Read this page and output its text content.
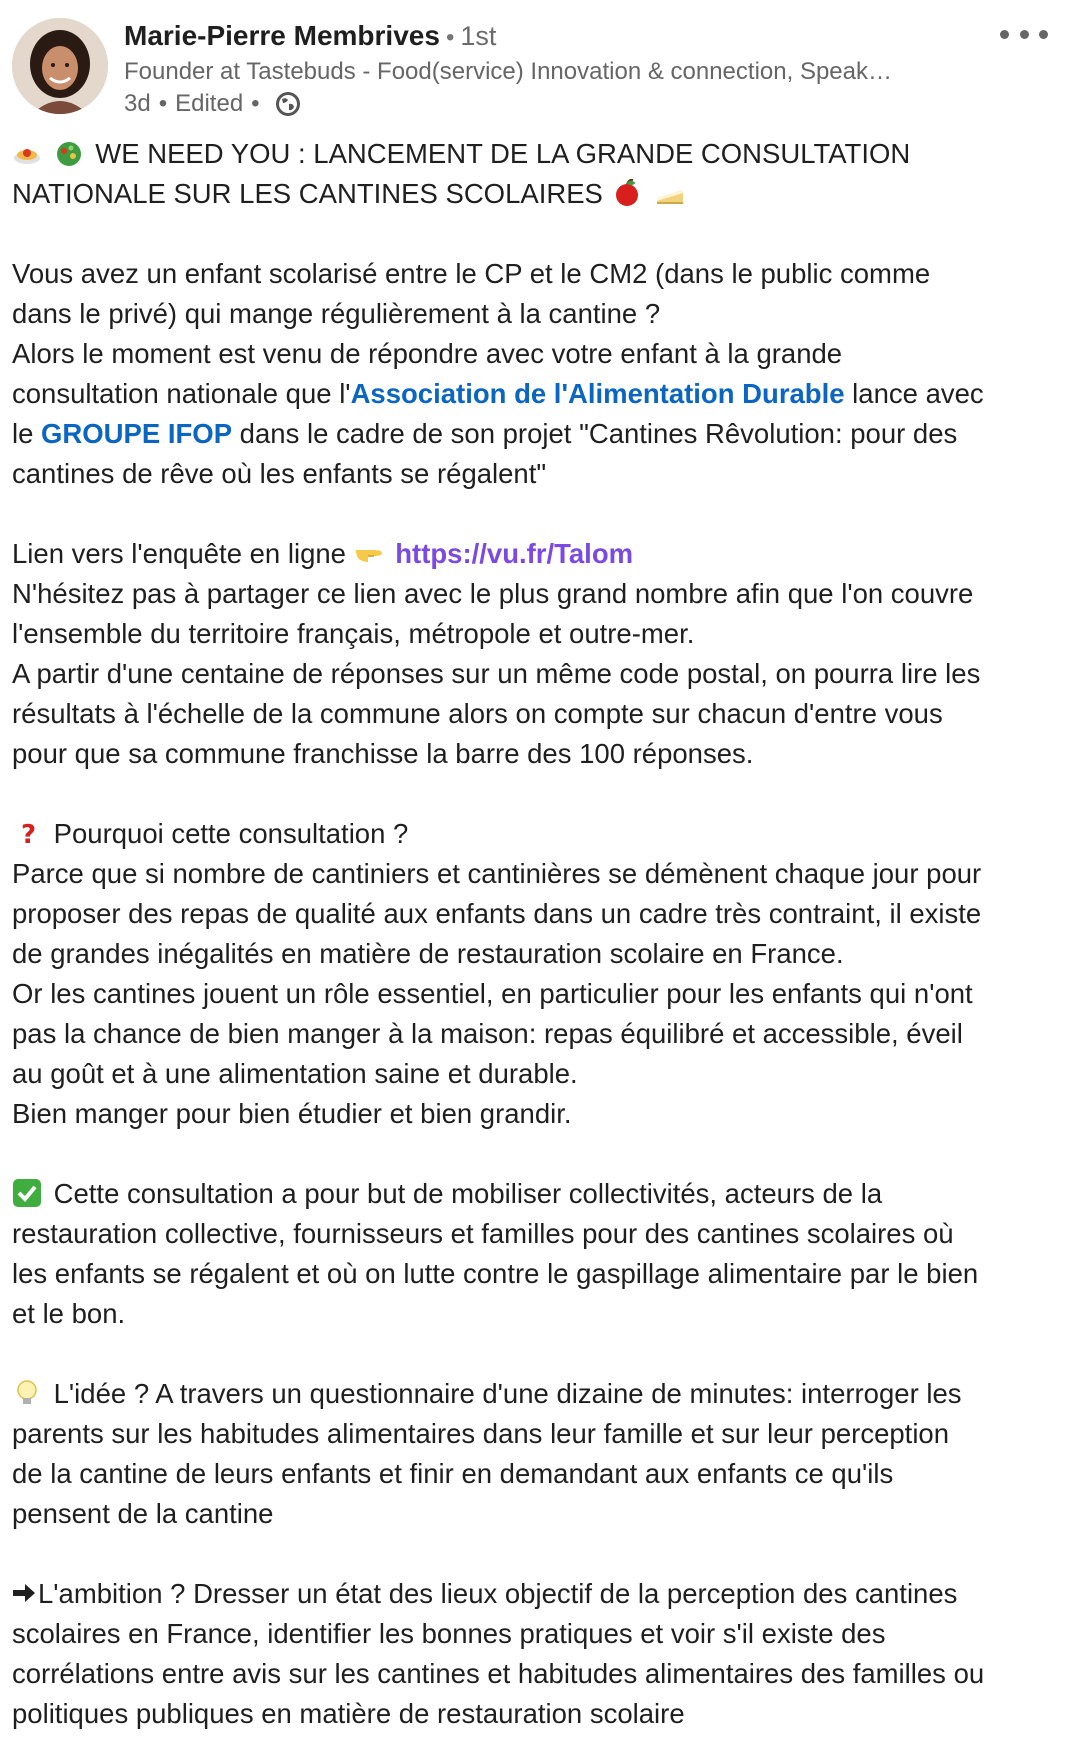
Marie-Pierre Membrives • 1st
Founder at Tastebuds - Food(service) Innovation & connection, Speak…
3d • Edited •

WE NEED YOU : LANCEMENT DE LA GRANDE CONSULTATION

NATIONALE SUR LES CANTINES SCOLAIRES

Vous avez un enfant scolarisé entre le CP et le CM2 (dans le public comme

dans le privé) qui mange régulièrement à la cantine ?

Alors le moment est venu de répondre avec votre enfant à la grande

consultation nationale que l'Association de l'Alimentation Durable lance avec

le GROUPE IFOP dans le cadre de son projet "Cantines Rêvolution: pour des

cantines de rêve où les enfants se régalent"

Lien vers l'enquête en ligne https://vu.fr/Talom

N'hésitez pas à partager ce lien avec le plus grand nombre afin que l'on couvre

l'ensemble du territoire français, métropole et outre-mer.

A partir d'une centaine de réponses sur un même code postal, on pourra lire les

résultats à l'échelle de la commune alors on compte sur chacun d'entre vous

pour que sa commune franchisse la barre des 100 réponses.

? Pourquoi cette consultation ?

Parce que si nombre de cantiniers et cantinières se démènent chaque jour pour

proposer des repas de qualité aux enfants dans un cadre très contraint, il existe

de grandes inégalités en matière de restauration scolaire en France.

Or les cantines jouent un rôle essentiel, en particulier pour les enfants qui n'ont

pas la chance de bien manger à la maison: repas équilibré et accessible, éveil

au goût et à une alimentation saine et durable.

Bien manger pour bien étudier et bien grandir.

Cette consultation a pour but de mobiliser collectivités, acteurs de la

restauration collective, fournisseurs et familles pour des cantines scolaires où

les enfants se régalent et où on lutte contre le gaspillage alimentaire par le bien

et le bon.

L'idée ? A travers un questionnaire d'une dizaine de minutes: interroger les

parents sur les habitudes alimentaires dans leur famille et sur leur perception

de la cantine de leurs enfants et finir en demandant aux enfants ce qu'ils

pensent de la cantine

L'ambition ? Dresser un état des lieux objectif de la perception des cantines

scolaires en France, identifier les bonnes pratiques et voir s'il existe des

corrélations entre avis sur les cantines et habitudes alimentaires des familles ou

politiques publiques en matière de restauration scolaire
